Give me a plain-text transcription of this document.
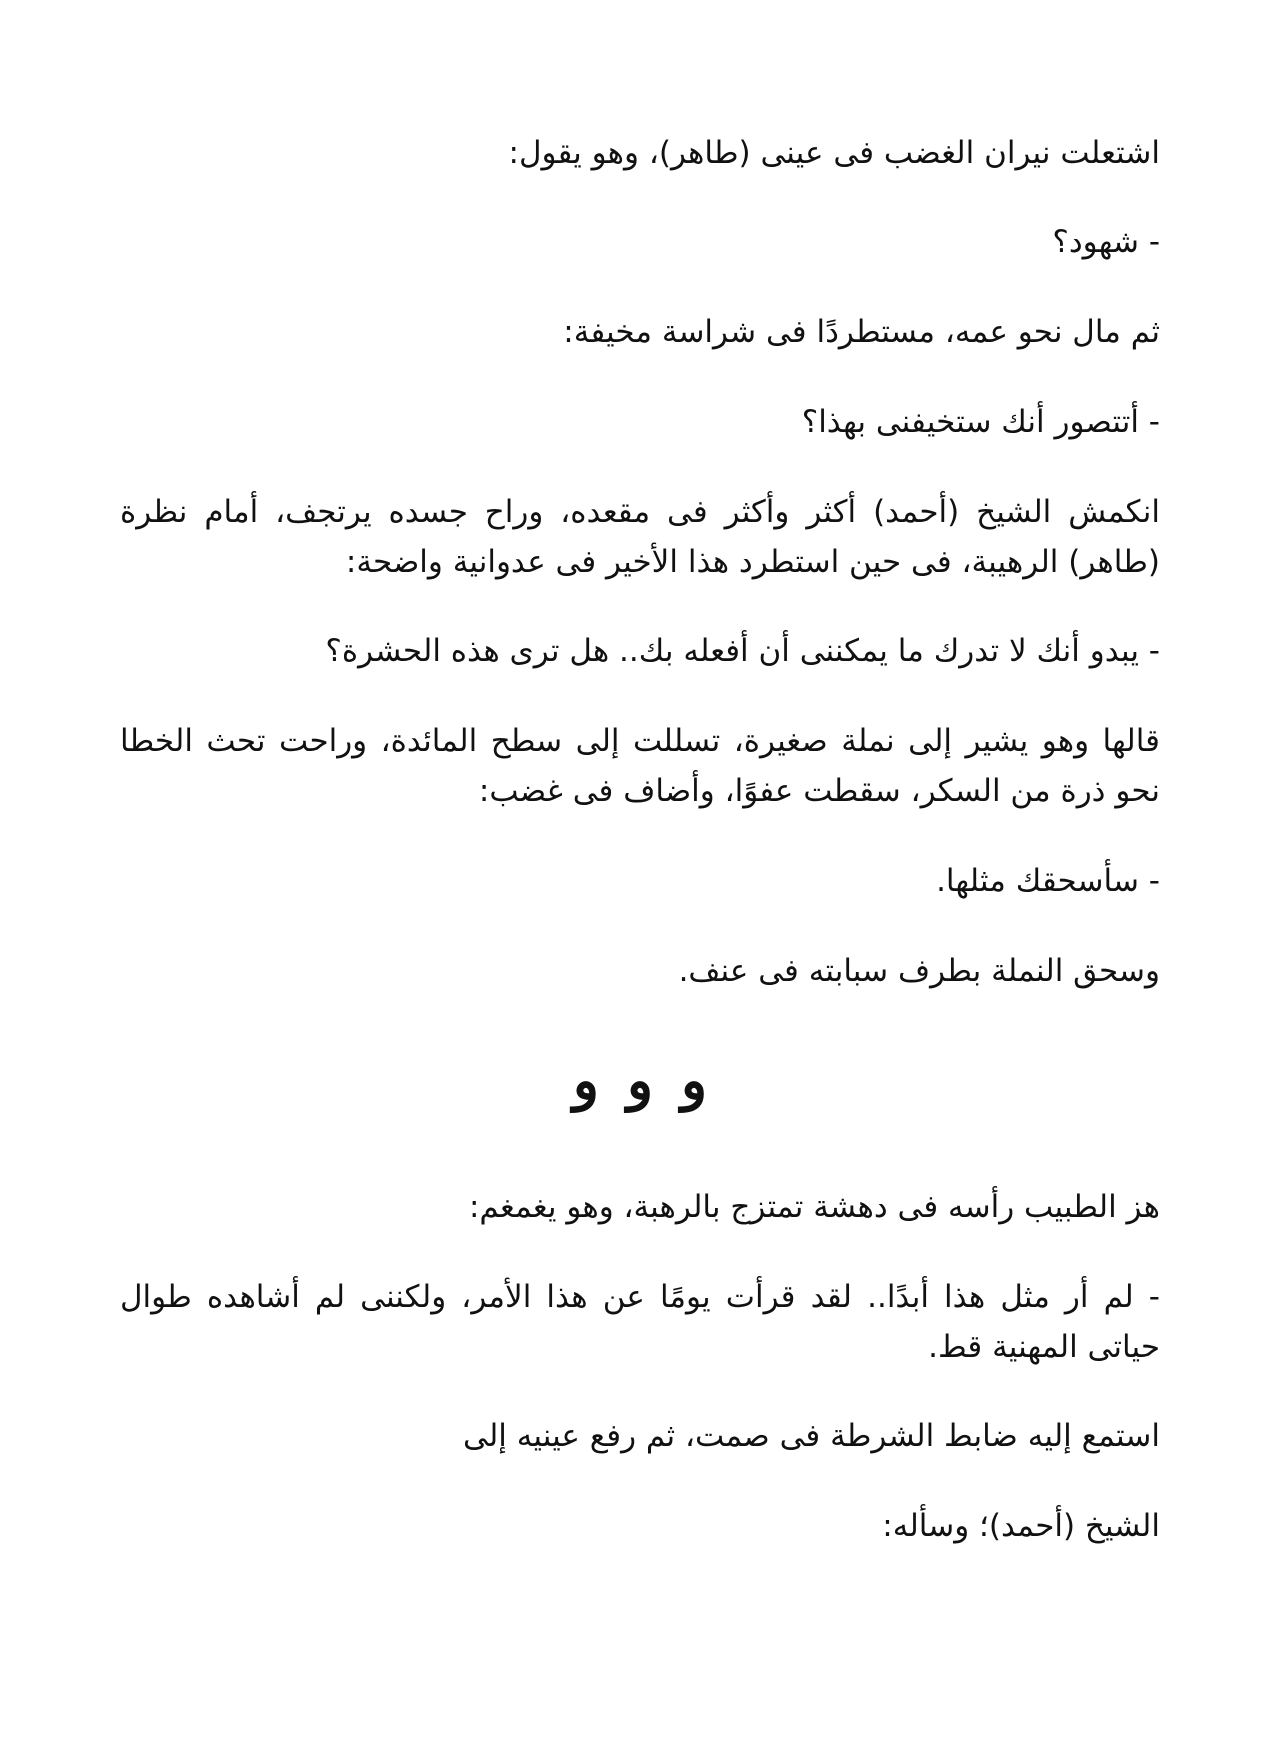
اشتعلت نيران الغضب فى عينى (طاهر)، وهو يقول:

- شهود؟

ثم مال نحو عمه، مستطردًا فى شراسة مخيفة:

- أتتصور أنك ستخيفنى بهذا؟

انكمش الشيخ (أحمد) أكثر وأكثر فى مقعده، وراح جسده يرتجف، أمام نظرة (طاهر) الرهيبة، فى حين استطرد هذا الأخير فى عدوانية واضحة:

- يبدو أنك لا تدرك ما يمكننى أن أفعله بك.. هل ترى هذه الحشرة؟

قالها وهو يشير إلى نملة صغيرة، تسللت إلى سطح المائدة، وراحت تحث الخطا نحو ذرة من السكر، سقطت عفوًا، وأضاف فى غضب:

- سأسحقك مثلها.

وسحق النملة بطرف سبابته فى عنف.

و و و

هز الطبيب رأسه فى دهشة تمتزج بالرهبة، وهو يغمغم:

- لم أر مثل هذا أبدًا.. لقد قرأت يومًا عن هذا الأمر، ولكننى لم أشاهده طوال حياتى المهنية قط.

استمع إليه ضابط الشرطة فى صمت، ثم رفع عينيه إلى

الشيخ (أحمد)؛ وسأله:
